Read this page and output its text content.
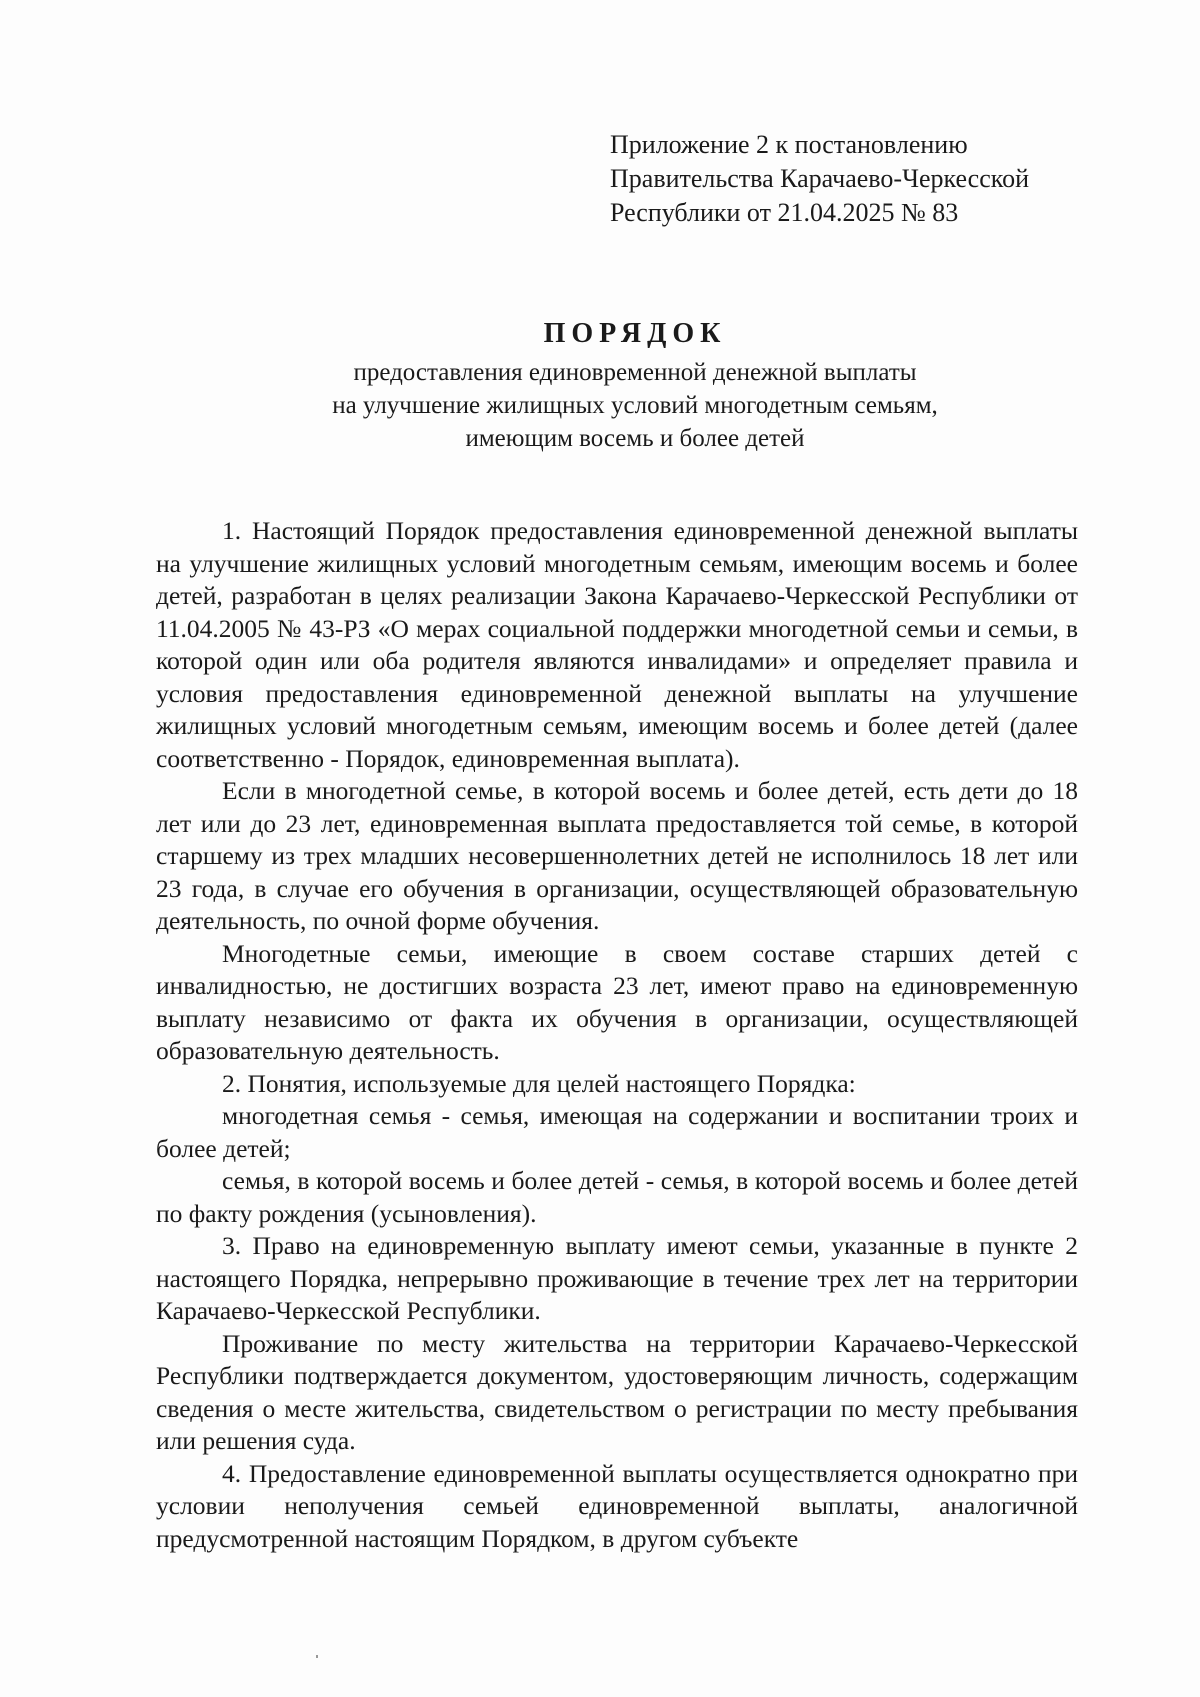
Приложение 2 к постановлению
Правительства Карачаево-Черкесской
Республики от 21.04.2025 № 83
ПОРЯДОК
предоставления единовременной денежной выплаты
на улучшение жилищных условий многодетным семьям,
имеющим восемь и более детей

1. Настоящий Порядок предоставления единовременной денежной выплаты на улучшение жилищных условий многодетным семьям, имеющим восемь и более детей, разработан в целях реализации Закона Карачаево-Черкесской Республики от 11.04.2005 № 43-РЗ «О мерах социальной поддержки многодетной семьи и семьи, в которой один или оба родителя являются инвалидами» и определяет правила и условия предоставления единовременной денежной выплаты на улучшение жилищных условий многодетным семьям, имеющим восемь и более детей (далее соответственно - Порядок, единовременная выплата).

Если в многодетной семье, в которой восемь и более детей, есть дети до 18 лет или до 23 лет, единовременная выплата предоставляется той семье, в которой старшему из трех младших несовершеннолетних детей не исполнилось 18 лет или 23 года, в случае его обучения в организации, осуществляющей образовательную деятельность, по очной форме обучения.

Многодетные семьи, имеющие в своем составе старших детей с инвалидностью, не достигших возраста 23 лет, имеют право на единовременную выплату независимо от факта их обучения в организации, осуществляющей образовательную деятельность.

2. Понятия, используемые для целей настоящего Порядка:

многодетная семья - семья, имеющая на содержании и воспитании троих и более детей;

семья, в которой восемь и более детей - семья, в которой восемь и более детей по факту рождения (усыновления).

3. Право на единовременную выплату имеют семьи, указанные в пункте 2 настоящего Порядка, непрерывно проживающие в течение трех лет на территории Карачаево-Черкесской Республики.

Проживание по месту жительства на территории Карачаево-Черкесской Республики подтверждается документом, удостоверяющим личность, содержащим сведения о месте жительства, свидетельством о регистрации по месту пребывания или решения суда.

4. Предоставление единовременной выплаты осуществляется однократно при условии неполучения семьей единовременной выплаты, аналогичной предусмотренной настоящим Порядком, в другом субъекте
